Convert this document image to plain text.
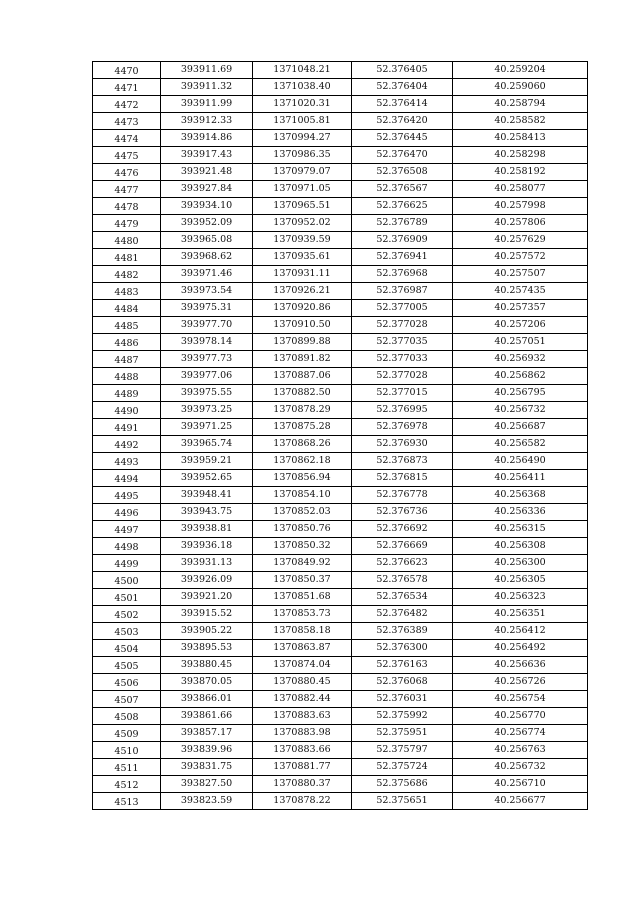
4470	393911.69	1371048.21	52.376405	40.259204
4471	393911.32	1371038.40	52.376404	40.259060
4472	393911.99	1371020.31	52.376414	40.258794
4473	393912.33	1371005.81	52.376420	40.258582
4474	393914.86	1370994.27	52.376445	40.258413
4475	393917.43	1370986.35	52.376470	40.258298
4476	393921.48	1370979.07	52.376508	40.258192
4477	393927.84	1370971.05	52.376567	40.258077
4478	393934.10	1370965.51	52.376625	40.257998
4479	393952.09	1370952.02	52.376789	40.257806
4480	393965.08	1370939.59	52.376909	40.257629
4481	393968.62	1370935.61	52.376941	40.257572
4482	393971.46	1370931.11	52.376968	40.257507
4483	393973.54	1370926.21	52.376987	40.257435
4484	393975.31	1370920.86	52.377005	40.257357
4485	393977.70	1370910.50	52.377028	40.257206
4486	393978.14	1370899.88	52.377035	40.257051
4487	393977.73	1370891.82	52.377033	40.256932
4488	393977.06	1370887.06	52.377028	40.256862
4489	393975.55	1370882.50	52.377015	40.256795
4490	393973.25	1370878.29	52.376995	40.256732
4491	393971.25	1370875.28	52.376978	40.256687
4492	393965.74	1370868.26	52.376930	40.256582
4493	393959.21	1370862.18	52.376873	40.256490
4494	393952.65	1370856.94	52.376815	40.256411
4495	393948.41	1370854.10	52.376778	40.256368
4496	393943.75	1370852.03	52.376736	40.256336
4497	393938.81	1370850.76	52.376692	40.256315
4498	393936.18	1370850.32	52.376669	40.256308
4499	393931.13	1370849.92	52.376623	40.256300
4500	393926.09	1370850.37	52.376578	40.256305
4501	393921.20	1370851.68	52.376534	40.256323
4502	393915.52	1370853.73	52.376482	40.256351
4503	393905.22	1370858.18	52.376389	40.256412
4504	393895.53	1370863.87	52.376300	40.256492
4505	393880.45	1370874.04	52.376163	40.256636
4506	393870.05	1370880.45	52.376068	40.256726
4507	393866.01	1370882.44	52.376031	40.256754
4508	393861.66	1370883.63	52.375992	40.256770
4509	393857.17	1370883.98	52.375951	40.256774
4510	393839.96	1370883.66	52.375797	40.256763
4511	393831.75	1370881.77	52.375724	40.256732
4512	393827.50	1370880.37	52.375686	40.256710
4513	393823.59	1370878.22	52.375651	40.256677
